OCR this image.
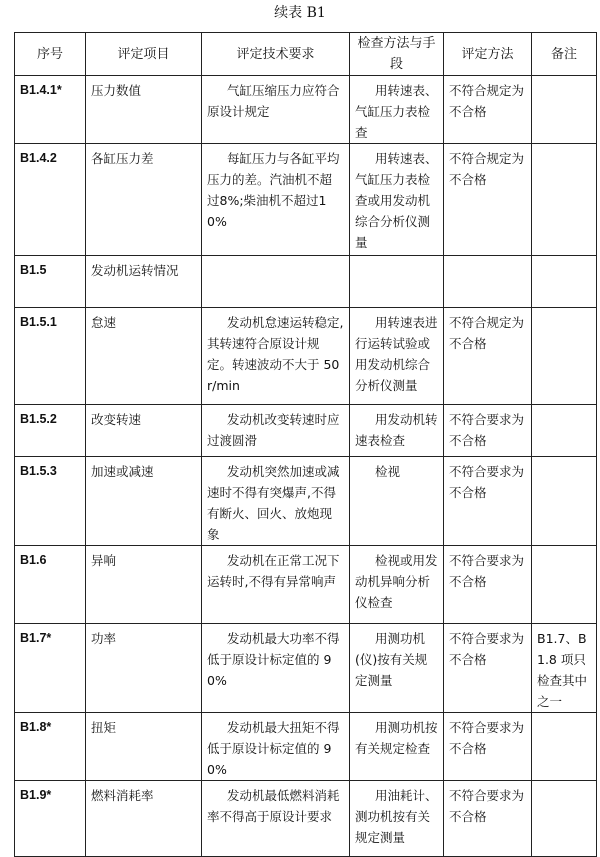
续表 B1
序号	评定项目	评定技术要求	检查方法与手段	评定方法	备注
B1.4.1*	压力数值	气缸压缩压力应符合原设计规定	用转速表、气缸压力表检查	不符合规定为不合格	
B1.4.2	各缸压力差	每缸压力与各缸平均压力的差。汽油机不超过8%;柴油机不超过10%	用转速表、气缸压力表检查或用发动机综合分析仪测量	不符合规定为不合格	
B1.5	发动机运转情况				
B1.5.1	怠速	发动机怠速运转稳定,其转速符合原设计规定。转速波动不大于 50 r/min	用转速表进行运转试验或用发动机综合分析仪测量	不符合规定为不合格	
B1.5.2	改变转速	发动机改变转速时应过渡圆滑	用发动机转速表检查	不符合要求为不合格	
B1.5.3	加速或减速	发动机突然加速或减速时不得有突爆声,不得有断火、回火、放炮现象	检视	不符合要求为不合格	
B1.6	异响	发动机在正常工况下运转时,不得有异常响声	检视或用发动机异响分析仪检查	不符合要求为不合格	
B1.7*	功率	发动机最大功率不得低于原设计标定值的 90%	用测功机(仪)按有关规定测量	不符合要求为不合格	B1.7、B1.8 项只检查其中之一
B1.8*	扭矩	发动机最大扭矩不得低于原设计标定值的 90%	用测功机按有关规定检查	不符合要求为不合格	
B1.9*	燃料消耗率	发动机最低燃料消耗率不得高于原设计要求	用油耗计、测功机按有关规定测量	不符合要求为不合格	
